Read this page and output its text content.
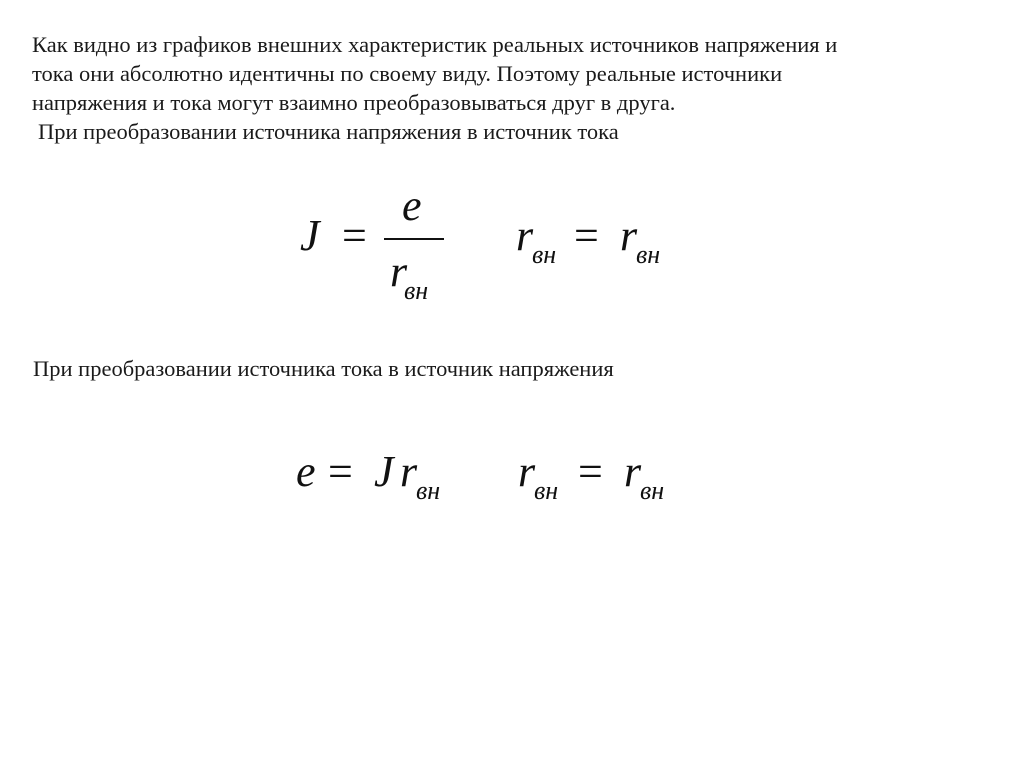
Как видно из графиков внешних характеристик реальных источников напряжения и
тока они абсолютно идентичны по своему виду. Поэтому реальные источники
напряжения и тока могут взаимно преобразовываться друг в друга.
При преобразовании источника напряжения в источник тока
J =
e
r
вн
r
вн = r
вн
При преобразовании источника тока в источник напряжения
e = J r
вн r
вн = r
вн
